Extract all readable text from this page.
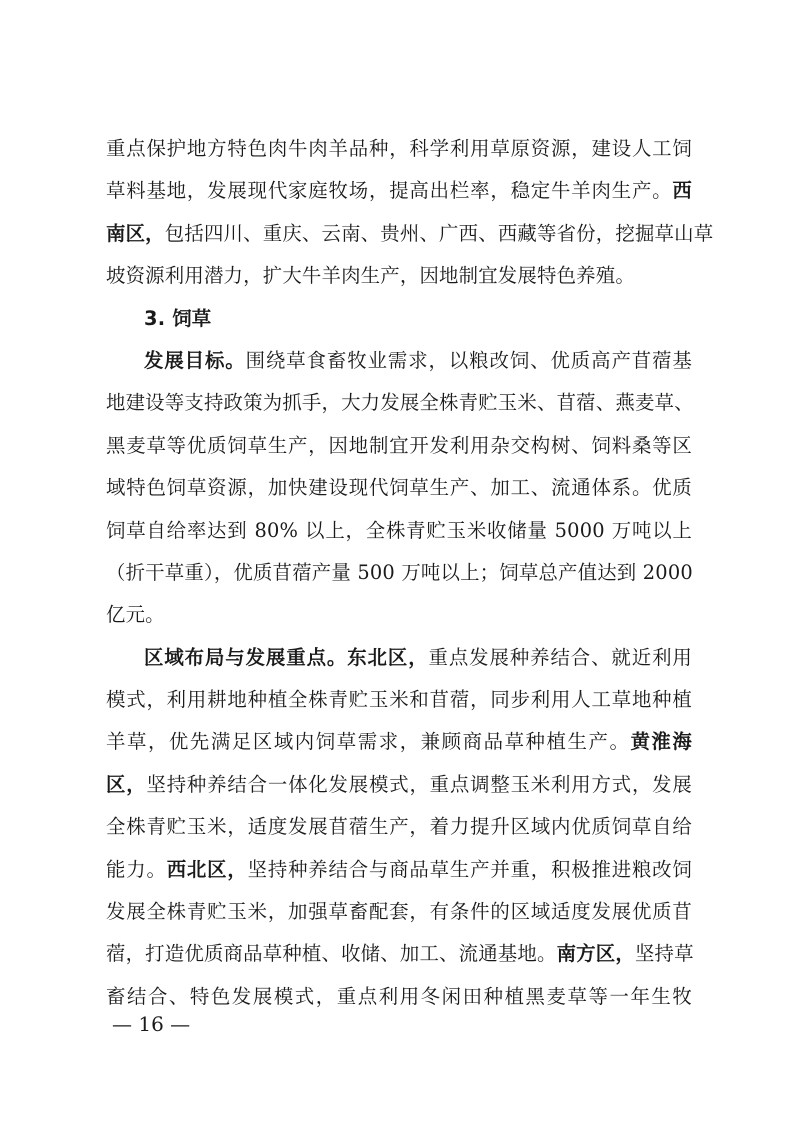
重点保护地方特色肉牛肉羊品种，科学利用草原资源，建设人工饲
草料基地，发展现代家庭牧场，提高出栏率，稳定牛羊肉生产。西
南区，包括四川、重庆、云南、贵州、广西、西藏等省份，挖掘草山草
坡资源利用潜力，扩大牛羊肉生产，因地制宜发展特色养殖。
3. 饲草
发展目标。围绕草食畜牧业需求，以粮改饲、优质高产苜蓿基
地建设等支持政策为抓手，大力发展全株青贮玉米、苜蓿、燕麦草、
黑麦草等优质饲草生产，因地制宜开发利用杂交构树、饲料桑等区
域特色饲草资源，加快建设现代饲草生产、加工、流通体系。优质
饲草自给率达到 80% 以上，全株青贮玉米收储量 5000 万吨以上
（折干草重），优质苜蓿产量 500 万吨以上；饲草总产值达到 2000
亿元。
区域布局与发展重点。东北区，重点发展种养结合、就近利用
模式，利用耕地种植全株青贮玉米和苜蓿，同步利用人工草地种植
羊草，优先满足区域内饲草需求，兼顾商品草种植生产。黄淮海
区，坚持种养结合一体化发展模式，重点调整玉米利用方式，发展
全株青贮玉米，适度发展苜蓿生产，着力提升区域内优质饲草自给
能力。西北区，坚持种养结合与商品草生产并重，积极推进粮改饲
发展全株青贮玉米，加强草畜配套，有条件的区域适度发展优质苜
蓿，打造优质商品草种植、收储、加工、流通基地。南方区，坚持草
畜结合、特色发展模式，重点利用冬闲田种植黑麦草等一年生牧
— 16 —
